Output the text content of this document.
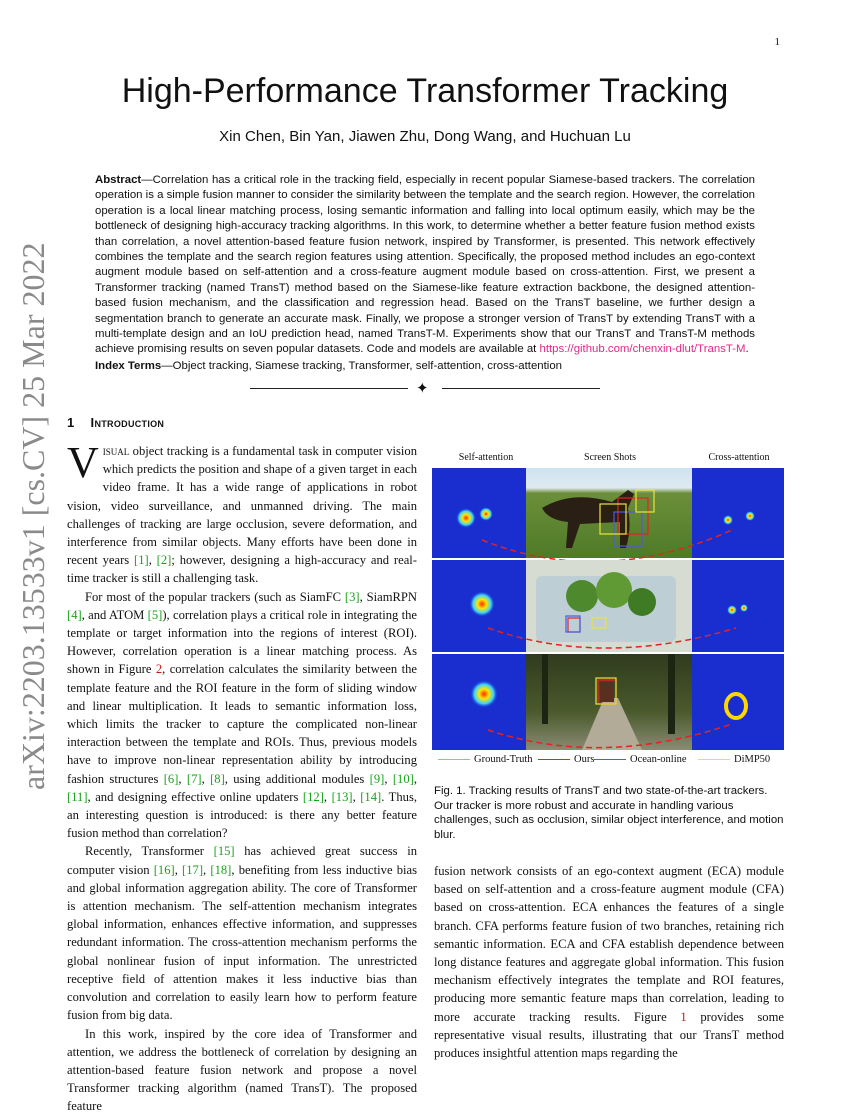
1
arXiv:2203.13533v1 [cs.CV] 25 Mar 2022
High-Performance Transformer Tracking
Xin Chen, Bin Yan, Jiawen Zhu, Dong Wang, and Huchuan Lu

Abstract—Correlation has a critical role in the tracking field, especially in recent popular Siamese-based trackers. The correlation operation is a simple fusion manner to consider the similarity between the template and the search region. However, the correlation operation is a local linear matching process, losing semantic information and falling into local optimum easily, which may be the bottleneck of designing high-accuracy tracking algorithms. In this work, to determine whether a better feature fusion method exists than correlation, a novel attention-based feature fusion network, inspired by Transformer, is presented. This network effectively combines the template and the search region features using attention. Specifically, the proposed method includes an ego-context augment module based on self-attention and a cross-feature augment module based on cross-attention. First, we present a Transformer tracking (named TransT) method based on the Siamese-like feature extraction backbone, the designed attention-based fusion mechanism, and the classification and regression head. Based on the TransT baseline, we further design a segmentation branch to generate an accurate mask. Finally, we propose a stronger version of TransT by extending TransT with a multi-template design and an IoU prediction head, named TransT-M. Experiments show that our TransT and TransT-M methods achieve promising results on seven popular datasets. Code and models are available at https://github.com/chenxin-dlut/TransT-M.

Index Terms—Object tracking, Siamese tracking, Transformer, self-attention, cross-attention

✦
1 Introduction

Visual object tracking is a fundamental task in computer vision which predicts the position and shape of a given target in each video frame. It has a wide range of applications in robot vision, video surveillance, and unmanned driving. The main challenges of tracking are large occlusion, severe deformation, and interference from similar objects. Many efforts have been done in recent years [1], [2]; however, designing a high-accuracy and real-time tracker is still a challenging task.

For most of the popular trackers (such as SiamFC [3], SiamRPN [4], and ATOM [5]), correlation plays a critical role in integrating the template or target information into the regions of interest (ROI). However, correlation operation is a linear matching process. As shown in Figure 2, correlation calculates the similarity between the template feature and the ROI feature in the form of sliding window and linear multiplication. It leads to semantic information loss, which limits the tracker to capture the complicated non-linear interaction between the template and ROIs. Thus, previous models have to improve non-linear representation ability by introducing fashion structures [6], [7], [8], using additional modules [9], [10], [11], and designing effective online updaters [12], [13], [14]. Thus, an interesting question is introduced: is there any better feature fusion method than correlation?

Recently, Transformer [15] has achieved great success in computer vision [16], [17], [18], benefiting from less inductive bias and global information aggregation ability. The core of Transformer is attention mechanism. The self-attention mechanism integrates global information, enhances effective information, and suppresses redundant information. The cross-attention mechanism performs the global nonlinear fusion of input information. The unrestricted receptive field of attention makes it less inductive bias than convolution and correlation to easily learn how to perform feature fusion from big data.

In this work, inspired by the core idea of Transformer and attention, we address the bottleneck of correlation by designing an attention-based feature fusion network and propose a novel Transformer tracking algorithm (named TransT). The proposed feature

Self-attention	Screen Shots	Cross-attention
Ground-Truth	Ours	Ocean-online	DiMP50

Fig. 1. Tracking results of TransT and two state-of-the-art trackers. Our tracker is more robust and accurate in handling various challenges, such as occlusion, similar object interference, and motion blur.

fusion network consists of an ego-context augment (ECA) module based on self-attention and a cross-feature augment module (CFA) based on cross-attention. ECA enhances the features of a single branch. CFA performs feature fusion of two branches, retaining rich semantic information. ECA and CFA establish dependence between long distance features and aggregate global information. This fusion mechanism effectively integrates the template and ROI features, producing more semantic feature maps than correlation, leading to more accurate tracking results. Figure 1 provides some representative visual results, illustrating that our TransT method produces insightful attention maps regarding the
